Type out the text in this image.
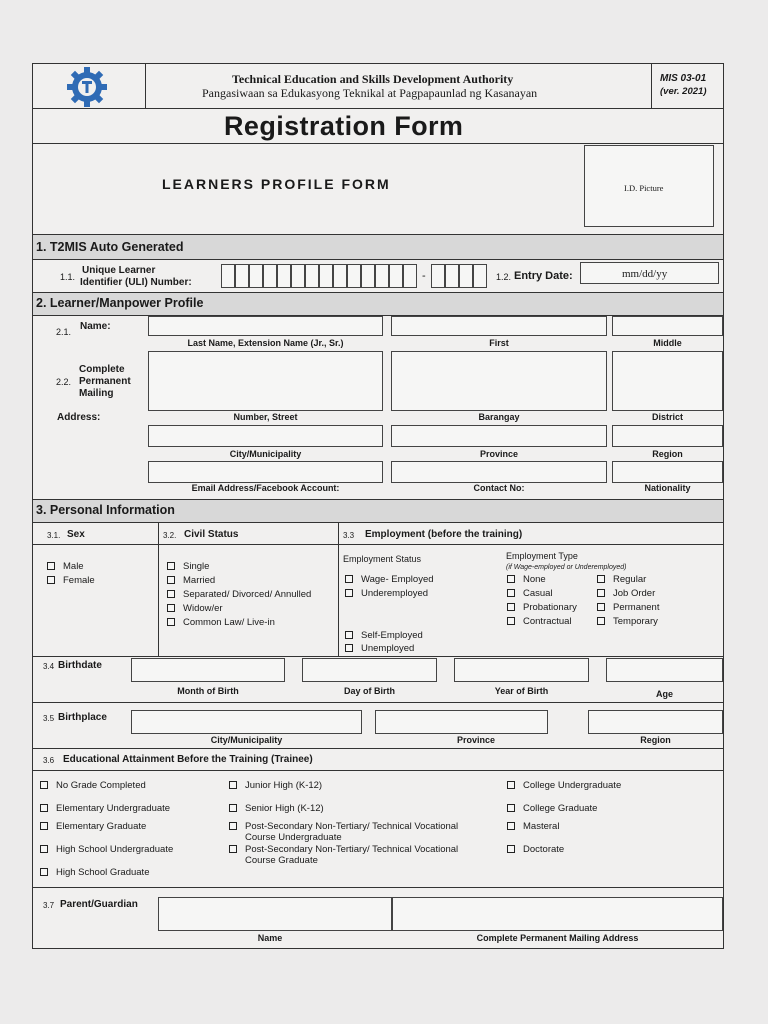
Technical Education and Skills Development Authority
Pangasiwaan sa Edukasyong Teknikal at Pagpapaunlad ng Kasanayan
MIS 03-01
(ver. 2021)
Registration Form
LEARNERS PROFILE FORM	I.D. Picture
1. T2MIS Auto Generated
1.1.
Unique Learner
Identifier (ULI) Number:
-	1.2. Entry Date:	mm/dd/yy
2. Learner/Manpower Profile
2.1. Name:
Last Name, Extension Name (Jr., Sr.)	First	Middle
Complete
2.2. Permanent
Mailing
Address:	Number, Street	Barangay	District
City/Municipality	Province	Region
Email Address/Facebook Account:	Contact No:	Nationality
3. Personal Information
3.1. Sex	3.2. Civil Status	3.3 Employment (before the training)
Male
Female
Single
Married
Separated/ Divorced/ Annulled
Widow/er
Common Law/ Live-in
Employment Status
Wage- Employed
Underemployed
Self-Employed
Unemployed
Employment Type
(if Wage-employed or Underemployed)
None
Casual
Probationary
Contractual
Regular
Job Order
Permanent
Temporary
3.4 Birthdate
Month of Birth	Day of Birth	Year of Birth	Age
3.5 Birthplace
City/Municipality	Province	Region
3.6 Educational Attainment Before the Training (Trainee)
No Grade Completed
Elementary Undergraduate
Elementary Graduate
High School Undergraduate
High School Graduate
Junior High (K-12)
Senior High (K-12)
Post-Secondary Non-Tertiary/ Technical Vocational
Course Undergraduate
Post-Secondary Non-Tertiary/ Technical Vocational
Course Graduate
College Undergraduate
College Graduate
Masteral
Doctorate
3.7 Parent/Guardian
Name	Complete Permanent Mailing Address
